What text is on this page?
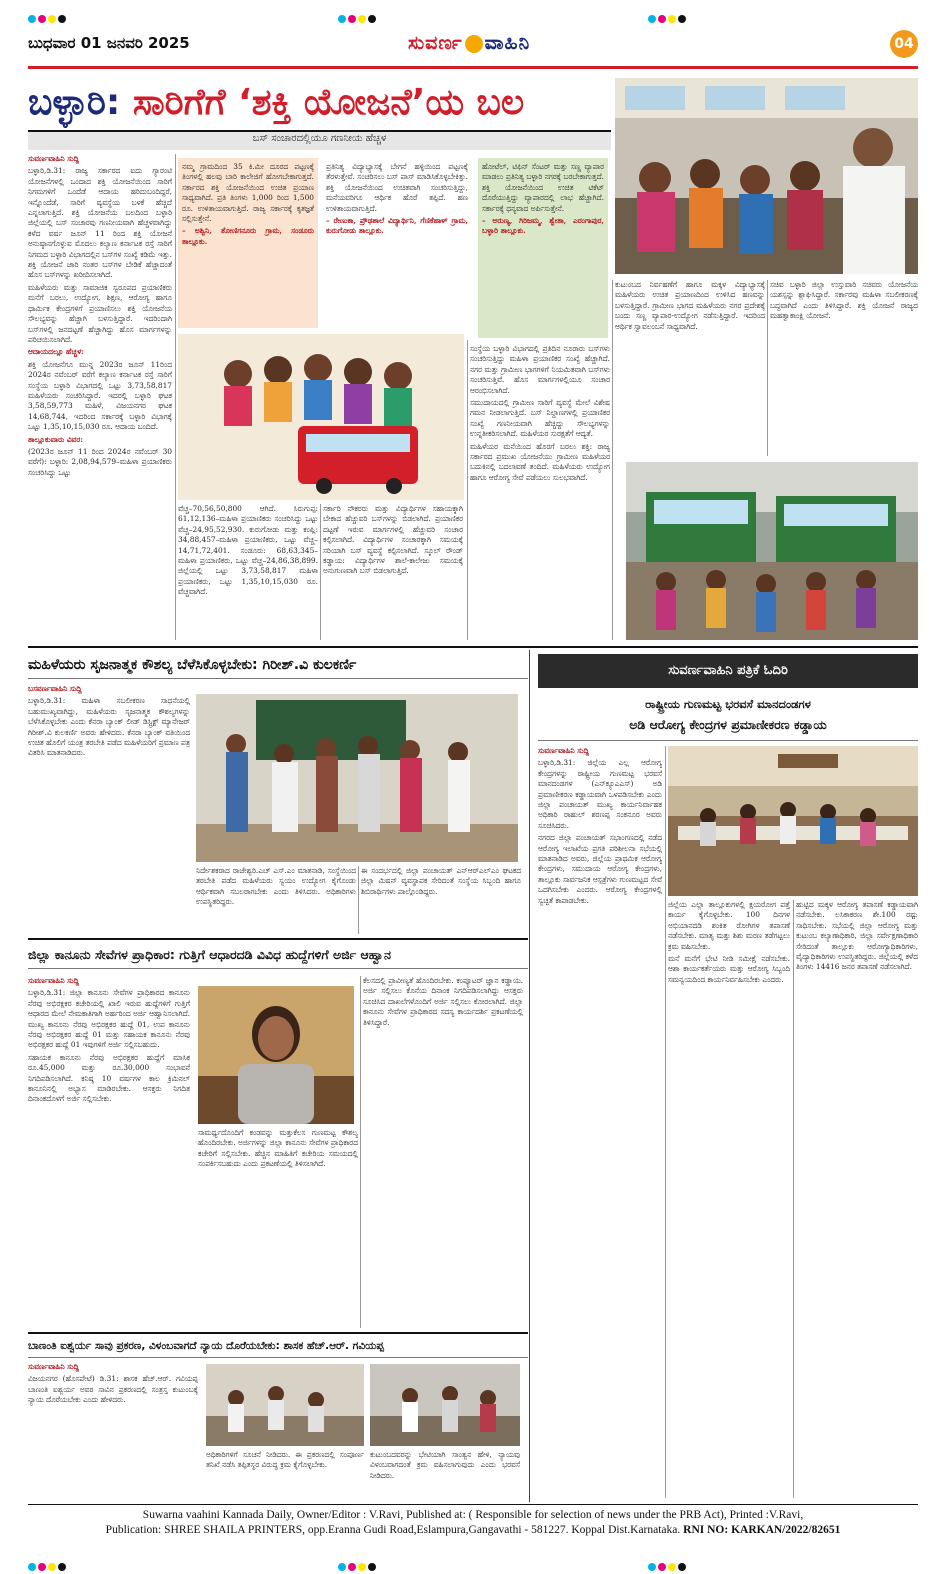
ಬುಧವಾರ 01 ಜನವರಿ 2025	ಸುವರ್ಣ ವಾಹಿನಿ	04
ಬಳ್ಳಾರಿ: ಸಾರಿಗೆಗೆ ‘ಶಕ್ತಿ ಯೋಜನೆ’ಯ ಬಲ
ಬಸ್ ಸಂಚಾರದಲ್ಲಿಯೂ ಗಣನೀಯ ಹೆಚ್ಚಳ

ಸುವರ್ಣವಾಹಿನಿ ಸುದ್ದಿ

ಬಳ್ಳಾರಿ,ಡಿ.31: ರಾಜ್ಯ ಸರ್ಕಾರದ ಐದು ಗ್ಯಾರಂಟಿ ಯೋಜನೆಗಳಲ್ಲಿ ಒಂದಾದ ಶಕ್ತಿ ಯೋಜನೆಯಿಂದ ಸಾರಿಗೆ ನಿಗಮಗಳಿಗೆ ಒಂದೆಡೆ ಆದಾಯ ಹರಿದುಬಂದಿದ್ದರೆ, ಇನ್ನೊಂದೆಡೆ, ಸಾರಿಗೆ ವ್ಯವಸ್ಥೆಯ ಬಳಕೆ ಹೆಚ್ಚಿದೆ ಎನ್ನಲಾಗುತ್ತಿದೆ. ಶಕ್ತಿ ಯೋಜನೆಯ ಬಲದಿಂದ ಬಳ್ಳಾರಿ ಜಿಲ್ಲೆಯಲ್ಲಿ ಬಸ್ ಸಂಚಾರವು ಗಣನೀಯವಾಗಿ ಹೆಚ್ಚಳವಾಗಿದ್ದು ಕಳೆದ ವರ್ಷ ಜೂನ್ 11 ರಿಂದ ಶಕ್ತಿ ಯೋಜನೆ ಅನುಷ್ಠಾನಗೊಳ್ಳುವ ಮೊದಲು ಕಲ್ಯಾಣ ಕರ್ನಾಟಕ ರಸ್ತೆ ಸಾರಿಗೆ ನಿಗಮದ ಬಳ್ಳಾರಿ ವಿಭಾಗದಲ್ಲಿನ ಬಸ್‌ಗಳ ಸಂಖ್ಯೆ ಕಡಿಮೆ ಇತ್ತು. ಶಕ್ತಿ ಯೋಜನೆ ಜಾರಿ ನಂತರ ಬಸ್‌ಗಳ ಬೇಡಿಕೆ ಹೆಚ್ಚಾದಂತೆ ಹೊಸ ಬಸ್‌ಗಳನ್ನು ಖರೀದಿಸಲಾಗಿದೆ.

ಮಹಿಳೆಯರು ಮತ್ತು ಸಾಮಾಜಿಕ ಸ್ವರೂಪದ ಪ್ರಯಾಣಿಕರು ಮನೆಗೆ ಬರಲು, ಉದ್ಯೋಗ, ಶಿಕ್ಷಣ, ಆರೋಗ್ಯ ಹಾಗೂ ಧಾರ್ಮಿಕ ಕೇಂದ್ರಗಳಿಗೆ ಪ್ರಯಾಣಿಸಲು ಶಕ್ತಿ ಯೋಜನೆಯ ಸೌಲಭ್ಯವನ್ನು ಹೆಚ್ಚಾಗಿ ಬಳಸುತ್ತಿದ್ದಾರೆ. ಇದರಿಂದಾಗಿ ಬಸ್‌ಗಳಲ್ಲಿ ಜನದಟ್ಟಣೆ ಹೆಚ್ಚಾಗಿದ್ದು ಹೊಸ ಮಾರ್ಗಗಳನ್ನು ಪರಿಚಯಿಸಲಾಗಿದೆ.

ಆದಾಯದಲ್ಲೂ ಹೆಚ್ಚಳ:

ಶಕ್ತಿ ಯೋಜನೆಗೂ ಮುನ್ನ 2023ರ ಜೂನ್ 11ರಿಂದ 2024ರ ನವೆಂಬರ್ ವರೆಗೆ ಕಲ್ಯಾಣ ಕರ್ನಾಟಕ ರಸ್ತೆ ಸಾರಿಗೆ ಸಂಸ್ಥೆಯ ಬಳ್ಳಾರಿ ವಿಭಾಗದಲ್ಲಿ ಒಟ್ಟು 3,73,58,817 ಮಹಿಳೆಯರು ಸಂಚರಿಸಿದ್ದಾರೆ. ಇದರಲ್ಲಿ ಬಳ್ಳಾರಿ ಘಟಕ 3,58,59,773 ಮಹಿಳೆ, ವಿಜಯನಗರ ಘಟಕ 14,68,744, ಇದರಿಂದ ಸರ್ಕಾರಕ್ಕೆ ಬಳ್ಳಾರಿ ವಿಭಾಗಕ್ಕೆ ಒಟ್ಟು 1,35,10,15,030 ರೂ. ಆದಾಯ ಬಂದಿದೆ.

ತಾಲ್ಲೂಕುವಾರು ವಿವರ:

(2023ರ ಜೂನ್ 11 ರಿಂದ 2024ರ ನವೆಂಬರ್ 30 ವರೆಗೆ): ಬಳ್ಳಾರಿ: 2,08,94,579–ಮಹಿಳಾ ಪ್ರಯಾಣಿಕರು ಸಂಚರಿಸಿದ್ದು ಒಟ್ಟು

ನಮ್ಮ ಗ್ರಾಮದಿಂದ 35 ಕಿ.ಮೀ ದೂರದ ಪಟ್ಟಣಕ್ಕೆ ತಿಂಗಳಲ್ಲಿ ಹಲವು ಬಾರಿ ಕಾಲೇಜಿಗೆ ಹೋಗಬೇಕಾಗುತ್ತದೆ. ಸರ್ಕಾರದ ಶಕ್ತಿ ಯೋಜನೆಯಿಂದ ಉಚಿತ ಪ್ರಯಾಣ ಸಾಧ್ಯವಾಗಿದೆ. ಪ್ರತಿ ತಿಂಗಳು 1,000 ರಿಂದ 1,500 ರೂ. ಉಳಿತಾಯವಾಗುತ್ತಿದೆ. ರಾಜ್ಯ ಸರ್ಕಾರಕ್ಕೆ ಕೃತಜ್ಞತೆ ಸಲ್ಲಿಸುತ್ತೇನೆ.

– ಅಶ್ವಿನಿ, ತೋಣಿಗನೂರು ಗ್ರಾಮ, ಸಂಡೂರು ತಾಲ್ಲೂಕು.

ಪ್ರತಿನಿತ್ಯ ವಿದ್ಯಾಭ್ಯಾಸಕ್ಕೆ ಬೇಗನೆ ಹಳ್ಳಿಯಿಂದ ಪಟ್ಟಣಕ್ಕೆ ತೆರಳುತ್ತೇವೆ. ಸಂಚರಿಸಲು ಬಸ್ ಪಾಸ್ ಮಾಡಿಸಿಕೊಳ್ಳಬೇಕಿತ್ತು. ಶಕ್ತಿ ಯೋಜನೆಯಿಂದ ಉಚಿತವಾಗಿ ಸಂಚರಿಸುತ್ತಿದ್ದು, ಮನೆಯವರಿಗೂ ಆರ್ಥಿಕ ಹೊರೆ ತಪ್ಪಿದೆ. ಹಣ ಉಳಿತಾಯವಾಗುತ್ತಿದೆ.

– ರೇಣುಕಾ, ಪ್ರೌಢಶಾಲೆ ವಿದ್ಯಾರ್ಥಿನಿ, ಗೆಣಿಕೆಹಾಳ್ ಗ್ರಾಮ, ಕುರುಗೋಡು ತಾಲ್ಲೂಕು.

ಹೋಟೆಲ್, ಟಿಫಿನ್ ಸೆಂಟರ್ ಮತ್ತು ಸಣ್ಣ ವ್ಯಾಪಾರ ಮಾಡಲು ಪ್ರತಿನಿತ್ಯ ಬಳ್ಳಾರಿ ನಗರಕ್ಕೆ ಬರಬೇಕಾಗುತ್ತದೆ. ಶಕ್ತಿ ಯೋಜನೆಯಿಂದ ಉಚಿತ ಟಿಕೆಟ್ ದೊರೆಯುತ್ತಿದ್ದು ವ್ಯಾಪಾರದಲ್ಲಿ ಲಾಭ ಹೆಚ್ಚಾಗಿದೆ. ಸರ್ಕಾರಕ್ಕೆ ಧನ್ಯವಾದ ಅರ್ಪಿಸುತ್ತೇನೆ.

– ಅರುಣ್ಯ, ಗಿರಿಜಮ್ಮ, ಶ್ವೇತಾ, ಎರಂಗಾಪುರ, ಬಳ್ಳಾರಿ ತಾಲ್ಲೂಕು.

ವೆಚ್ಚ–70,56,50,800 ಆಗಿದೆ. ಸಿರುಗುಪ್ಪ: 61,12,136–ಮಹಿಳಾ ಪ್ರಯಾಣಿಕರು ಸಂಚರಿಸಿದ್ದು ಒಟ್ಟು ವೆಚ್ಚ–24,95,52,930. ಕುರುಗೋಡು ಮತ್ತು ಕಂಪ್ಲಿ: 34,88,457–ಮಹಿಳಾ ಪ್ರಯಾಣಿಕರು, ಒಟ್ಟು ವೆಚ್ಚ–14,71,72,401. ಸಂಡೂರು: 68,63,345–ಮಹಿಳಾ ಪ್ರಯಾಣಿಕರು, ಒಟ್ಟು ವೆಚ್ಚ–24,86,38,899. ಜಿಲ್ಲೆಯಲ್ಲಿ ಒಟ್ಟು 3,73,58,817 ಮಹಿಳಾ ಪ್ರಯಾಣಿಕರು, ಒಟ್ಟು 1,35,10,15,030 ರೂ. ವೆಚ್ಚವಾಗಿದೆ.

ಸರ್ಕಾರಿ ನೌಕರರು ಮತ್ತು ವಿದ್ಯಾರ್ಥಿಗಳ ಸಹಾಯಕ್ಕಾಗಿ ಬೇಕಾದ ಹೆಚ್ಚುವರಿ ಬಸ್‌ಗಳನ್ನು ಬಿಡಲಾಗಿದೆ. ಪ್ರಯಾಣಿಕರ ದಟ್ಟಣೆ ಇರುವ ಮಾರ್ಗಗಳಲ್ಲಿ ಹೆಚ್ಚುವರಿ ಸಂಚಾರ ಕಲ್ಪಿಸಲಾಗಿದೆ. ವಿದ್ಯಾರ್ಥಿಗಳ ಸಂಚಾರಕ್ಕಾಗಿ ಸಮಯಕ್ಕೆ ಸರಿಯಾಗಿ ಬಸ್ ವ್ಯವಸ್ಥೆ ಕಲ್ಪಿಸಲಾಗಿದೆ. ಸ್ಕೂಲ್ ರೌಂಡ್ ಕಡ್ಡಾಯ: ವಿದ್ಯಾರ್ಥಿಗಳ ಶಾಲೆ-ಕಾಲೇಜು ಸಮಯಕ್ಕೆ ಅನುಗುಣವಾಗಿ ಬಸ್ ಬಿಡಲಾಗುತ್ತಿದೆ.

ಸಂಸ್ಥೆಯ ಬಳ್ಳಾರಿ ವಿಭಾಗದಲ್ಲಿ ಪ್ರತಿದಿನ ನೂರಾರು ಬಸ್‌ಗಳು ಸಂಚರಿಸುತ್ತಿದ್ದು ಮಹಿಳಾ ಪ್ರಯಾಣಿಕರ ಸಂಖ್ಯೆ ಹೆಚ್ಚಾಗಿದೆ. ನಗರ ಮತ್ತು ಗ್ರಾಮೀಣ ಭಾಗಗಳಿಗೆ ನಿಯಮಿತವಾಗಿ ಬಸ್‌ಗಳು ಸಂಚರಿಸುತ್ತಿವೆ. ಹೊಸ ಮಾರ್ಗಗಳಲ್ಲಿಯೂ ಸಂಚಾರ ಆರಂಭಿಸಲಾಗಿದೆ.

ಸಮುದಾಯದಲ್ಲಿ ಗ್ರಾಮೀಣ ಸಾರಿಗೆ ವ್ಯವಸ್ಥೆ ಮೇಲೆ ವಿಶೇಷ ಗಮನ ನೀಡಲಾಗುತ್ತಿದೆ. ಬಸ್ ನಿಲ್ದಾಣಗಳಲ್ಲಿ ಪ್ರಯಾಣಿಕರ ಸಂಖ್ಯೆ ಗಣನೀಯವಾಗಿ ಹೆಚ್ಚಿದ್ದು ಸೌಲಭ್ಯಗಳನ್ನು ಉನ್ನತೀಕರಿಸಲಾಗಿದೆ. ಮಹಿಳೆಯರ ಸುರಕ್ಷತೆಗೆ ಆದ್ಯತೆ.

ಮಹಿಳೆಯರ ಮನೆಯಿಂದ ಹೊರಗೆ ಬರಲು ಶಕ್ತಿ: ರಾಜ್ಯ ಸರ್ಕಾರದ ಪ್ರಮುಖ ಯೋಜನೆಯು ಗ್ರಾಮೀಣ ಮಹಿಳೆಯರ ಬದುಕಿನಲ್ಲಿ ಬದಲಾವಣೆ ತಂದಿದೆ. ಮಹಿಳೆಯರು ಉದ್ಯೋಗ ಹಾಗೂ ಆರೋಗ್ಯ ಸೇವೆ ಪಡೆಯಲು ಸುಲಭವಾಗಿದೆ.

ಕುಟುಂಬದ ನಿರ್ವಹಣೆಗೆ ಹಾಗೂ ಮಕ್ಕಳ ವಿದ್ಯಾಭ್ಯಾಸಕ್ಕೆ ಮಹಿಳೆಯರು ಉಚಿತ ಪ್ರಯಾಣದಿಂದ ಉಳಿಸಿದ ಹಣವನ್ನು ಬಳಸುತ್ತಿದ್ದಾರೆ. ಗ್ರಾಮೀಣ ಭಾಗದ ಮಹಿಳೆಯರು ನಗರ ಪ್ರದೇಶಕ್ಕೆ ಬಂದು ಸಣ್ಣ ವ್ಯಾಪಾರ-ಉದ್ಯೋಗ ನಡೆಸುತ್ತಿದ್ದಾರೆ. ಇದರಿಂದ ಆರ್ಥಿಕ ಸ್ವಾವಲಂಬನೆ ಸಾಧ್ಯವಾಗಿದೆ.

ಸಚಿವ ಬಳ್ಳಾರಿ ಜಿಲ್ಲಾ ಉಸ್ತುವಾರಿ ಸಚಿವರು ಯೋಜನೆಯ ಯಶಸ್ಸನ್ನು ಶ್ಲಾಘಿಸಿದ್ದಾರೆ. ಸರ್ಕಾರವು ಮಹಿಳಾ ಸಬಲೀಕರಣಕ್ಕೆ ಬದ್ಧವಾಗಿದೆ ಎಂದು ತಿಳಿಸಿದ್ದಾರೆ. ಶಕ್ತಿ ಯೋಜನೆ ರಾಜ್ಯದ ಮಹತ್ವಾಕಾಂಕ್ಷಿ ಯೋಜನೆ.

ಮಹಿಳೆಯರು ಸೃಜನಾತ್ಮಕ ಕೌಶಲ್ಯ ಬೆಳೆಸಿಕೊಳ್ಳಬೇಕು: ಗಿರೀಶ್.ವಿ ಕುಲಕರ್ಣಿ

ಬಸವರ್ಣವಾಹಿನಿ ಸುದ್ದಿ

ಬಳ್ಳಾರಿ,ಡಿ.31: ಮಹಿಳಾ ಸಬಲೀಕರಣ ಸಾಧನೆಯಲ್ಲಿ ಬಹುಮುಖ್ಯವಾಗಿದ್ದು, ಮಹಿಳೆಯರು ಸೃಜನಾತ್ಮಕ ಕೌಶಲ್ಯಗಳನ್ನು ಬೆಳೆಸಿಕೊಳ್ಳಬೇಕು ಎಂದು ಕೆನರಾ ಬ್ಯಾಂಕ್ ಲೀಡ್ ಡಿಸ್ಟ್ರಿಕ್ಟ್ ಮ್ಯಾನೇಜರ್ ಗಿರೀಶ್.ವಿ ಕುಲಕರ್ಣಿ ಅವರು ಹೇಳಿದರು. ಕೆನರಾ ಬ್ಯಾಂಕ್ ವತಿಯಿಂದ ಉಚಿತ ಹೊಲಿಗೆ ಯಂತ್ರ ತರಬೇತಿ ಪಡೆದ ಮಹಿಳೆಯರಿಗೆ ಪ್ರಮಾಣ ಪತ್ರ ವಿತರಿಸಿ ಮಾತನಾಡಿದರು.

ನಿರ್ದೇಶಕರಾದ ರಾಜೇಶ್ವರಿ.ಎಚ್ ಎಸ್.ಎಂ ಮಾತನಾಡಿ, ಸಂಸ್ಥೆಯಿಂದ ತರಬೇತಿ ಪಡೆದ ಮಹಿಳೆಯರು ಸ್ವಯಂ ಉದ್ಯೋಗ ಕೈಗೊಂಡು ಆರ್ಥಿಕವಾಗಿ ಸಬಲರಾಗಬೇಕು ಎಂದು ತಿಳಿಸಿದರು. ಅಧಿಕಾರಿಗಳು ಉಪಸ್ಥಿತರಿದ್ದರು.

ಈ ಸಂದರ್ಭದಲ್ಲಿ ಜಿಲ್ಲಾ ಪಂಚಾಯತ್ ಎನ್‌ಆರ್‌ಎಲ್‌ಎಂ ಘಟಕದ ಜಿಲ್ಲಾ ಮಿಷನ್ ವ್ಯವಸ್ಥಾಪಕ ಸೇರಿದಂತೆ ಸಂಸ್ಥೆಯ ಸಿಬ್ಬಂದಿ ಹಾಗೂ ಶಿಬಿರಾರ್ಥಿಗಳು ಪಾಲ್ಗೊಂಡಿದ್ದರು.

ಜಿಲ್ಲಾ ಕಾನೂನು ಸೇವೆಗಳ ಪ್ರಾಧಿಕಾರ: ಗುತ್ತಿಗೆ ಆಧಾರದಡಿ ವಿವಿಧ ಹುದ್ದೆಗಳಿಗೆ ಅರ್ಜಿ ಆಹ್ವಾನ

ಸುವರ್ಣವಾಹಿನಿ ಸುದ್ದಿ

ಬಳ್ಳಾರಿ,ಡಿ.31: ಜಿಲ್ಲಾ ಕಾನೂನು ಸೇವೆಗಳ ಪ್ರಾಧಿಕಾರದ ಕಾನೂನು ನೆರವು ಅಭಿರಕ್ಷಕರ ಕಚೇರಿಯಲ್ಲಿ ಖಾಲಿ ಇರುವ ಹುದ್ದೆಗಳಿಗೆ ಗುತ್ತಿಗೆ ಆಧಾರದ ಮೇಲೆ ನೇಮಕಾತಿಗಾಗಿ ಅರ್ಹರಿಂದ ಅರ್ಜಿ ಆಹ್ವಾನಿಸಲಾಗಿದೆ. ಮುಖ್ಯ ಕಾನೂನು ನೆರವು ಅಭಿರಕ್ಷಕರ ಹುದ್ದೆ 01, ಉಪ ಕಾನೂನು ನೆರವು ಅಭಿರಕ್ಷಕರ ಹುದ್ದೆ 01 ಮತ್ತು ಸಹಾಯಕ ಕಾನೂನು ನೆರವು ಅಭಿರಕ್ಷಕರ ಹುದ್ದೆ 01 ಇವುಗಳಿಗೆ ಅರ್ಜಿ ಸಲ್ಲಿಸಬಹುದು.

ಸಹಾಯಕ ಕಾನೂನು ನೆರವು ಅಭಿರಕ್ಷಕರ ಹುದ್ದೆಗೆ ಮಾಸಿಕ ರೂ.45,000 ಮತ್ತು ರೂ.30,000 ಸಂಭಾವನೆ ನಿಗದಿಪಡಿಸಲಾಗಿದೆ. ಕನಿಷ್ಠ 10 ವರ್ಷಗಳ ಕಾಲ ಕ್ರಿಮಿನಲ್ ಕಾನೂನಿನಲ್ಲಿ ಅಭ್ಯಾಸ ಮಾಡಿರಬೇಕು. ಆಸಕ್ತರು ನಿಗದಿತ ದಿನಾಂಕದೊಳಗೆ ಅರ್ಜಿ ಸಲ್ಲಿಸಬೇಕು.

ಸಾಮರ್ಥ್ಯದೊಂದಿಗೆ ಕಂಡವನ್ನು ಮತ್ತುಕೆಲಸ ಗುಣಮಟ್ಟ ಕೌಶಲ್ಯ ಹೊಂದಿರಬೇಕು. ಅರ್ಜಿಗಳನ್ನು ಜಿಲ್ಲಾ ಕಾನೂನು ಸೇವೆಗಳ ಪ್ರಾಧಿಕಾರದ ಕಚೇರಿಗೆ ಸಲ್ಲಿಸಬೇಕು. ಹೆಚ್ಚಿನ ಮಾಹಿತಿಗೆ ಕಚೇರಿಯ ಸಮಯದಲ್ಲಿ ಸಂಪರ್ಕಿಸಬಹುದು ಎಂದು ಪ್ರಕಟಣೆಯಲ್ಲಿ ತಿಳಿಸಲಾಗಿದೆ.

ಕೆಲಸದಲ್ಲಿ ಪ್ರಾವೀಣ್ಯತೆ ಹೊಂದಿರಬೇಕು. ಕಂಪ್ಯೂಟರ್ ಜ್ಞಾನ ಕಡ್ಡಾಯ. ಅರ್ಜಿ ಸಲ್ಲಿಸಲು ಕೊನೆಯ ದಿನಾಂಕ ನಿಗದಿಪಡಿಸಲಾಗಿದ್ದು ಆಸಕ್ತರು ಸೂಚಿಸಿದ ದಾಖಲೆಗಳೊಂದಿಗೆ ಅರ್ಜಿ ಸಲ್ಲಿಸಲು ಕೋರಲಾಗಿದೆ. ಜಿಲ್ಲಾ ಕಾನೂನು ಸೇವೆಗಳ ಪ್ರಾಧಿಕಾರದ ಸದಸ್ಯ ಕಾರ್ಯದರ್ಶಿ ಪ್ರಕಟಣೆಯಲ್ಲಿ ತಿಳಿಸಿದ್ದಾರೆ.

ಬಾಣಂತಿ ಐಶ್ವರ್ಯ ಸಾವು ಪ್ರಕರಣ, ವಿಳಂಬವಾಗದೆ ನ್ಯಾಯ ದೊರೆಯಬೇಕು: ಶಾಸಕ ಹೆಚ್.ಆರ್. ಗವಿಯಪ್ಪ

ಸುವರ್ಣವಾಹಿನಿ ಸುದ್ದಿ

ವಿಜಯನಗರ (ಹೊಸಪೇಟೆ) ಡಿ.31: ಶಾಸಕ ಹೆಚ್.ಆರ್. ಗವಿಯಪ್ಪ ಬಾಣಂತಿ ಐಶ್ವರ್ಯ ಅವರ ಸಾವಿನ ಪ್ರಕರಣದಲ್ಲಿ ಸಂತ್ರಸ್ತ ಕುಟುಂಬಕ್ಕೆ ನ್ಯಾಯ ದೊರೆಯಬೇಕು ಎಂದು ಹೇಳಿದರು.

ಅಧಿಕಾರಿಗಳಿಗೆ ಸೂಚನೆ ನೀಡಿದರು. ಈ ಪ್ರಕರಣದಲ್ಲಿ ಸಂಪೂರ್ಣ ತನಿಖೆ ನಡೆಸಿ ತಪ್ಪಿತಸ್ಥರ ವಿರುದ್ಧ ಕ್ರಮ ಕೈಗೊಳ್ಳಬೇಕು.

ಕುಟುಂಬದವರನ್ನು ಭೇಟಿಯಾಗಿ ಸಾಂತ್ವನ ಹೇಳಿ, ನ್ಯಾಯವು ವಿಳಂಬವಾಗದಂತೆ ಕ್ರಮ ವಹಿಸಲಾಗುವುದು ಎಂದು ಭರವಸೆ ನೀಡಿದರು.

ಸುವರ್ಣವಾಹಿನಿ ಪತ್ರಿಕೆ ಓದಿರಿ
ರಾಷ್ಟ್ರೀಯ ಗುಣಮಟ್ಟ ಭರವಸೆ ಮಾನದಂಡಗಳ
ಅಡಿ ಆರೋಗ್ಯ ಕೇಂದ್ರಗಳ ಪ್ರಮಾಣೀಕರಣ ಕಡ್ಡಾಯ

ಸುವರ್ಣವಾಹಿನಿ ಸುದ್ದಿ

ಬಳ್ಳಾರಿ,ಡಿ.31: ಜಿಲ್ಲೆಯ ಎಲ್ಲ ಆರೋಗ್ಯ ಕೇಂದ್ರಗಳನ್ನು ರಾಷ್ಟ್ರೀಯ ಗುಣಮಟ್ಟ ಭರವಸೆ ಮಾನದಂಡಗಳ (ಎನ್‌ಕ್ಯೂಎಎಸ್) ಅಡಿ ಪ್ರಮಾಣೀಕರಣ ಕಡ್ಡಾಯವಾಗಿ ಒಳಪಡಿಸಬೇಕು ಎಂದು ಜಿಲ್ಲಾ ಪಂಚಾಯತ್ ಮುಖ್ಯ ಕಾರ್ಯನಿರ್ವಾಹಕ ಅಧಿಕಾರಿ ರಾಹುಲ್ ಶರಣಪ್ಪ ಸಂಕನೂರ ಅವರು ಸೂಚಿಸಿದರು.

ನಗರದ ಜಿಲ್ಲಾ ಪಂಚಾಯತ್ ಸಭಾಂಗಣದಲ್ಲಿ ನಡೆದ ಆರೋಗ್ಯ ಇಲಾಖೆಯ ಪ್ರಗತಿ ಪರಿಶೀಲನಾ ಸಭೆಯಲ್ಲಿ ಮಾತನಾಡಿದ ಅವರು, ಜಿಲ್ಲೆಯ ಪ್ರಾಥಮಿಕ ಆರೋಗ್ಯ ಕೇಂದ್ರಗಳು, ಸಮುದಾಯ ಆರೋಗ್ಯ ಕೇಂದ್ರಗಳು, ತಾಲ್ಲೂಕು ಸಾರ್ವಜನಿಕ ಆಸ್ಪತ್ರೆಗಳು ಗುಣಮಟ್ಟದ ಸೇವೆ ಒದಗಿಸಬೇಕು ಎಂದರು. ಆರೋಗ್ಯ ಕೇಂದ್ರಗಳಲ್ಲಿ ಸ್ವಚ್ಛತೆ ಕಾಪಾಡಬೇಕು.	ಜಿಲ್ಲೆಯ ಎಲ್ಲಾ ತಾಲ್ಲೂಕುಗಳಲ್ಲಿ ಕ್ಷಯರೋಗ ಪತ್ತೆ ಕಾರ್ಯ ಕೈಗೊಳ್ಳಬೇಕು. 100 ದಿನಗಳ ಅಭಿಯಾನದಡಿ ಶಂಕಿತ ರೋಗಿಗಳ ತಪಾಸಣೆ ನಡೆಸಬೇಕು. ಮಾತೃ ಮತ್ತು ಶಿಶು ಮರಣ ತಡೆಗಟ್ಟಲು ಕ್ರಮ ವಹಿಸಬೇಕು.

ಮನೆ ಮನೆಗೆ ಭೇಟಿ ನೀಡಿ ಸಮೀಕ್ಷೆ ನಡೆಸಬೇಕು. ಆಶಾ ಕಾರ್ಯಕರ್ತೆಯರು ಮತ್ತು ಆರೋಗ್ಯ ಸಿಬ್ಬಂದಿ ಸಮನ್ವಯದಿಂದ ಕಾರ್ಯನಿರ್ವಹಿಸಬೇಕು ಎಂದರು.

ಹುಟ್ಟಿದ ಮಕ್ಕಳ ಆರೋಗ್ಯ ತಪಾಸಣೆ ಕಡ್ಡಾಯವಾಗಿ ನಡೆಸಬೇಕು. ಲಸಿಕಾಕರಣ ಶೇ.100 ರಷ್ಟು ಸಾಧಿಸಬೇಕು. ಸಭೆಯಲ್ಲಿ ಜಿಲ್ಲಾ ಆರೋಗ್ಯ ಮತ್ತು ಕುಟುಂಬ ಕಲ್ಯಾಣಾಧಿಕಾರಿ, ಜಿಲ್ಲಾ ಸರ್ವೇಕ್ಷಣಾಧಿಕಾರಿ ಸೇರಿದಂತೆ ತಾಲ್ಲೂಕು ಆರೋಗ್ಯಾಧಿಕಾರಿಗಳು, ವೈದ್ಯಾಧಿಕಾರಿಗಳು ಉಪಸ್ಥಿತರಿದ್ದರು. ಜಿಲ್ಲೆಯಲ್ಲಿ ಕಳೆದ ತಿಂಗಳು 14416 ಜನರ ತಪಾಸಣೆ ನಡೆಸಲಾಗಿದೆ.

Suwarna vaahini Kannada Daily, Owner/Editor : V.Ravi, Published at: ( Responsible for selection of news under the PRB Act), Printed :V.Ravi,
Publication: SHREE SHAILA PRINTERS, opp.Eranna Gudi Road,Eslampura,Gangavathi - 581227. Koppal Dist.Karnataka. RNI NO: KARKAN/2022/82651
